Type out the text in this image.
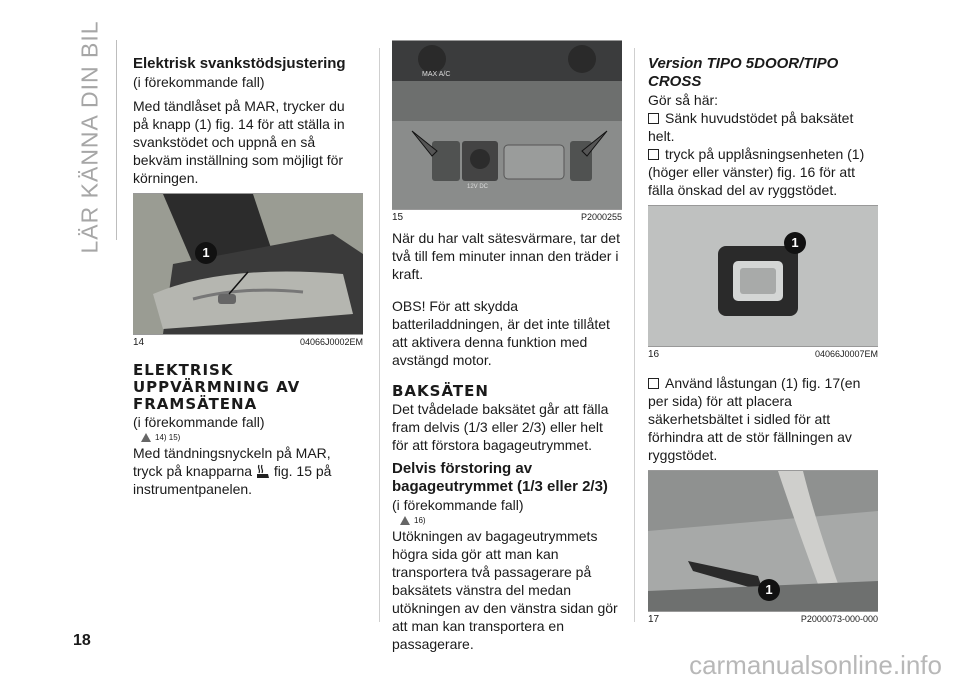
LÄR KÄNNA DIN BIL Elektrisk svankstödsjustering

(i förekommande fall)

Med tändlåset på MAR, trycker du på knapp (1) fig. 14 för att ställa in svankstödet och uppnå en så bekväm inställning som möjligt för körningen.

1
14	04066J0002EM
ELEKTRISK UPPVÄRMNING AV FRAMSÄTENA

(i förekommande fall)

14) 15)

Med tändningsnyckeln på MAR,

tryck på knapparna fig. 15 på

instrumentpanelen.

MAX A/C
12V DC
15	P2000255

När du har valt sätesvärmare, tar det två till fem minuter innan den träder i kraft.

OBS! För att skydda batteriladdningen, är det inte tillåtet att aktivera denna funktion med avstängd motor.

BAKSÄTEN

Det tvådelade baksätet går att fälla fram delvis (1/3 eller 2/3) eller helt för att förstora bagageutrymmet.

Delvis förstoring av bagageutrymmet (1/3 eller 2/3)

(i förekommande fall)

16)

Utökningen av bagageutrymmets högra sida gör att man kan transportera två passagerare på baksätets vänstra del medan utökningen av den vänstra sidan gör att man kan transportera en passagerare.

Version TIPO 5DOOR/TIPO CROSS

Gör så här:

Sänk huvudstödet på baksätet helt.

tryck på upplåsningsenheten (1) (höger eller vänster) fig. 16 för att fälla önskad del av ryggstödet.

1
16	04066J0007EM

Använd låstungan (1) fig. 17(en per sida) för att placera säkerhetsbältet i sidled för att förhindra att de stör fällningen av ryggstödet.

1
17	P2000073-000-000
18
carmanualsonline.info
